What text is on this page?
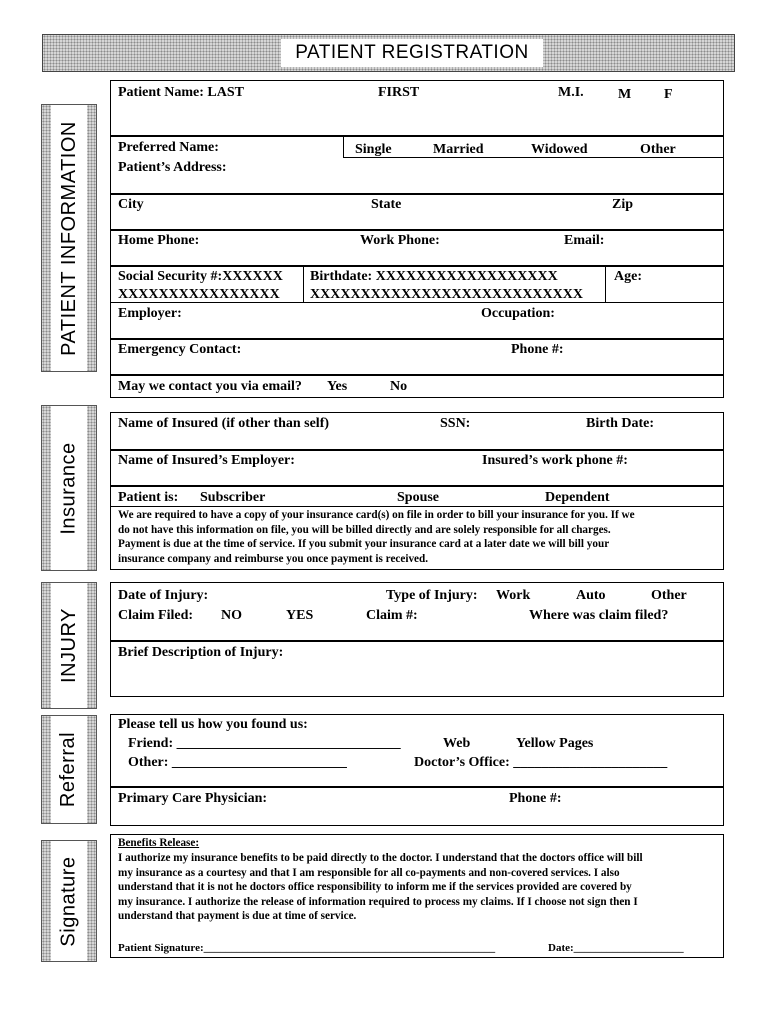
PATIENT REGISTRATION
PATIENT INFORMATION
Insurance
INJURY
Referral
Signature
Patient Name: LAST	FIRST	M.I. M F
Preferred Name:	Single	Married	Widowed	Other
Patient’s Address:
City	State	Zip
Home Phone:	Work Phone:	Email:
Social Security #:XXXXXX
XXXXXXXXXXXXXXXX
Birthdate: XXXXXXXXXXXXXXXXXX
XXXXXXXXXXXXXXXXXXXXXXXXXXX
Age:
Employer:	Occupation:
Emergency Contact:	Phone #:
May we contact you via email? Yes	No
Name of Insured (if other than self)	SSN:	Birth Date:
Name of Insured’s Employer:	Insured’s work phone #:
Patient is: Subscriber	Spouse	Dependent
We are required to have a copy of your insurance card(s) on file in order to bill your insurance for you. If we
do not have this information on file, you will be billed directly and are solely responsible for all charges.
Payment is due at the time of service. If you submit your insurance card at a later date we will bill your
insurance company and reimburse you once payment is received.
Date of Injury:	Type of Injury: Work	Auto	Other
Claim Filed: NO	YES	Claim #:	Where was claim filed?
Brief Description of Injury:
Please tell us how you found us:
Friend: ________________________________	Web	Yellow Pages
Other: _________________________	Doctor’s Office: ______________________
Primary Care Physician:	Phone #:
Benefits Release:
I authorize my insurance benefits to be paid directly to the doctor. I understand that the doctors office will bill
my insurance as a courtesy and that I am responsible for all co-payments and non-covered services. I also
understand that it is not he doctors office responsibility to inform me if the services provided are covered by
my insurance. I authorize the release of information required to process my claims. If I choose not sign then I
understand that payment is due at time of service.
Patient Signature:_____________________________________________________	Date:____________________
